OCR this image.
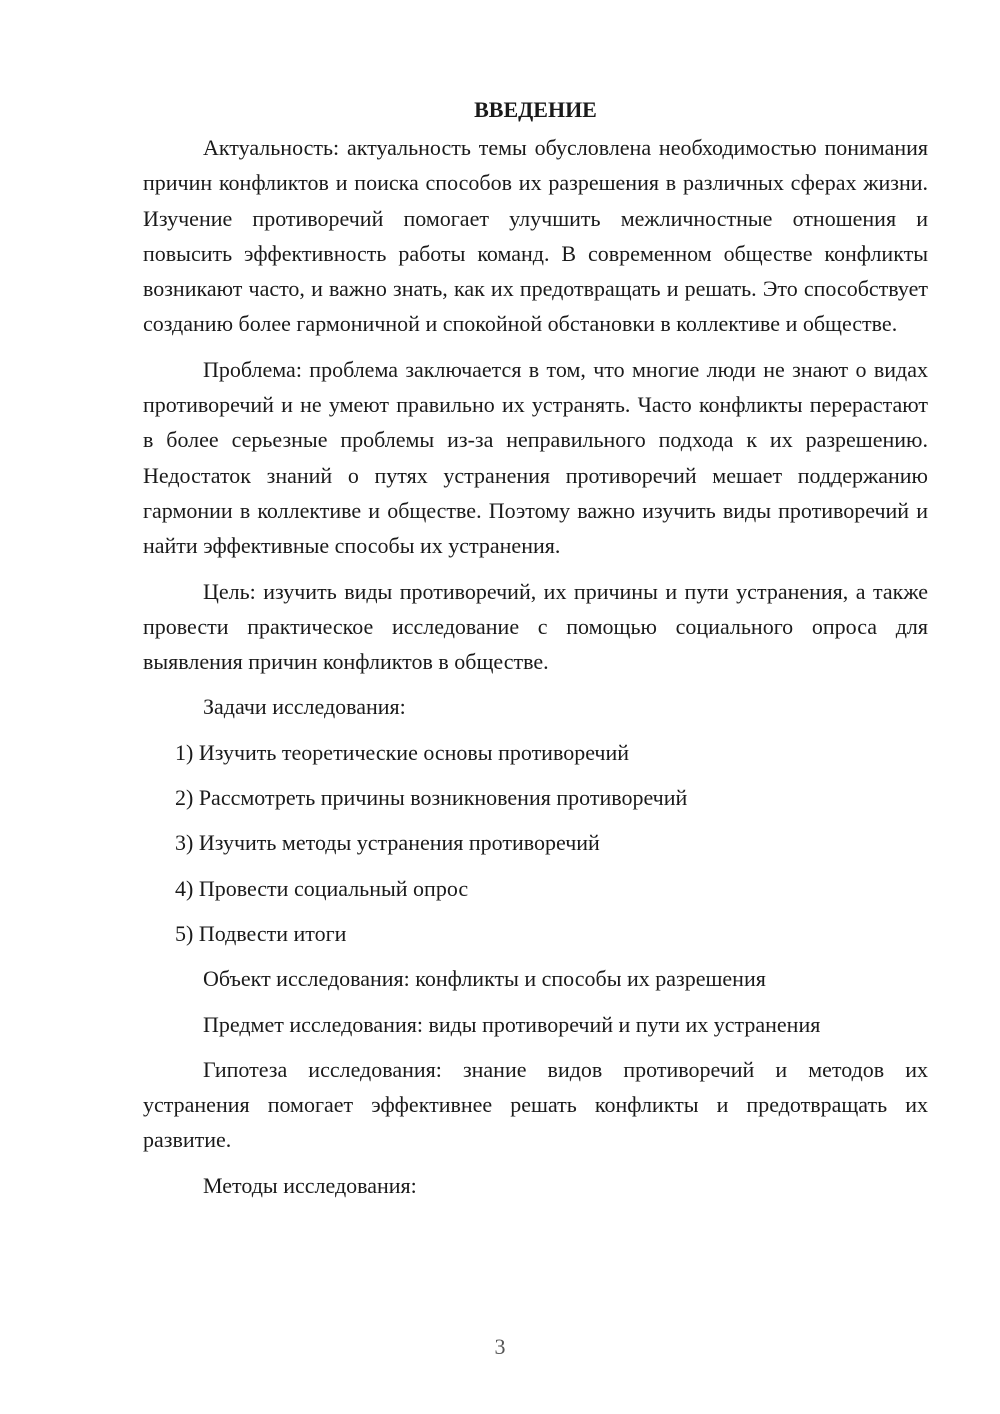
ВВЕДЕНИЕ

Актуальность: актуальность темы обусловлена необходимостью понимания причин конфликтов и поиска способов их разрешения в различных сферах жизни. Изучение противоречий помогает улучшить межличностные отношения и повысить эффективность работы команд. В современном обществе конфликты возникают часто, и важно знать, как их предотвращать и решать. Это способствует созданию более гармоничной и спокойной обстановки в коллективе и обществе.

Проблема: проблема заключается в том, что многие люди не знают о видах противоречий и не умеют правильно их устранять. Часто конфликты перерастают в более серьезные проблемы из-за неправильного подхода к их разрешению. Недостаток знаний о путях устранения противоречий мешает поддержанию гармонии в коллективе и обществе. Поэтому важно изучить виды противоречий и найти эффективные способы их устранения.

Цель: изучить виды противоречий, их причины и пути устранения, а также провести практическое исследование с помощью социального опроса для выявления причин конфликтов в обществе.

Задачи исследования:

1) Изучить теоретические основы противоречий
2) Рассмотреть причины возникновения противоречий
3) Изучить методы устранения противоречий
4) Провести социальный опрос
5) Подвести итоги

Объект исследования: конфликты и способы их разрешения

Предмет исследования: виды противоречий и пути их устранения

Гипотеза исследования: знание видов противоречий и методов их устранения помогает эффективнее решать конфликты и предотвращать их развитие.

Методы исследования:

3
